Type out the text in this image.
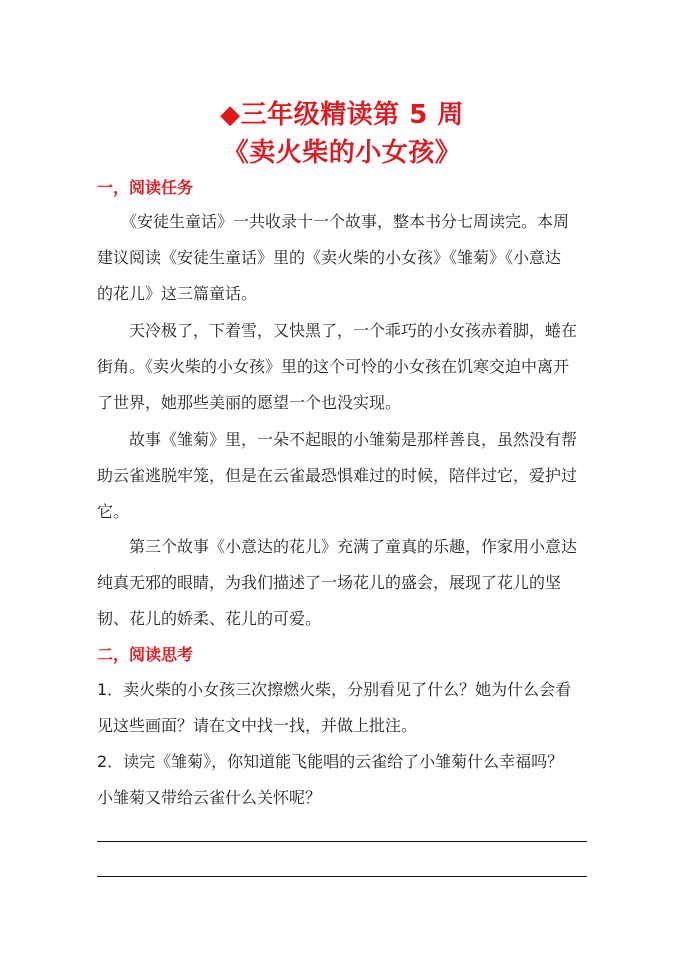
◆三年级精读第 5 周
《卖火柴的小女孩》
一，阅读任务
　　《安徒生童话》一共收录十一个故事，整本书分七周读完。本周
建议阅读《安徒生童话》里的《卖火柴的小女孩》《雏菊》《小意达
的花儿》这三篇童话。
　　天冷极了，下着雪，又快黑了，一个乖巧的小女孩赤着脚，蜷在
街角。《卖火柴的小女孩》里的这个可怜的小女孩在饥寒交迫中离开
了世界，她那些美丽的愿望一个也没实现。
　　故事《雏菊》里，一朵不起眼的小雏菊是那样善良，虽然没有帮
助云雀逃脱牢笼，但是在云雀最恐惧难过的时候，陪伴过它，爱护过
它。
　　第三个故事《小意达的花儿》充满了童真的乐趣，作家用小意达
纯真无邪的眼睛，为我们描述了一场花儿的盛会，展现了花儿的坚
韧、花儿的娇柔、花儿的可爱。
二，阅读思考
1．卖火柴的小女孩三次擦燃火柴，分别看见了什么？她为什么会看
见这些画面？请在文中找一找，并做上批注。
2．读完《雏菊》，你知道能飞能唱的云雀给了小雏菊什么幸福吗？
小雏菊又带给云雀什么关怀呢？
